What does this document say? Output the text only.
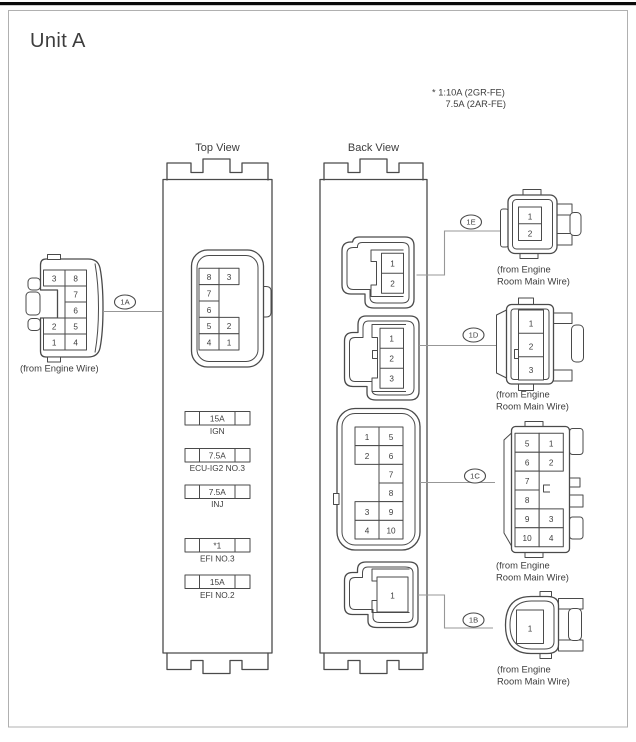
Unit A
* 1:10A (2GR-FE)
7.5A (2AR-FE)
Top View	Back View
8
7
6
5
4
3
2
1
15A
IGN
7.5A
ECU-IG2 NO.3
7.5A
INJ
*1
EFI NO.3
15A
EFI NO.2
1
2
1
2
3
1
2
3
4
5
6
7
8
9
10
1
3
2
1
8
7
6
5
4
(from Engine Wire)
1A
1E
1D
1C
1B
1
2
(from Engine
Room Main Wire)
1
2
3
(from Engine
Room Main Wire)
5
6
7
8
9
10
1
2
3
4
(from Engine
Room Main Wire)
1
(from Engine
Room Main Wire)
